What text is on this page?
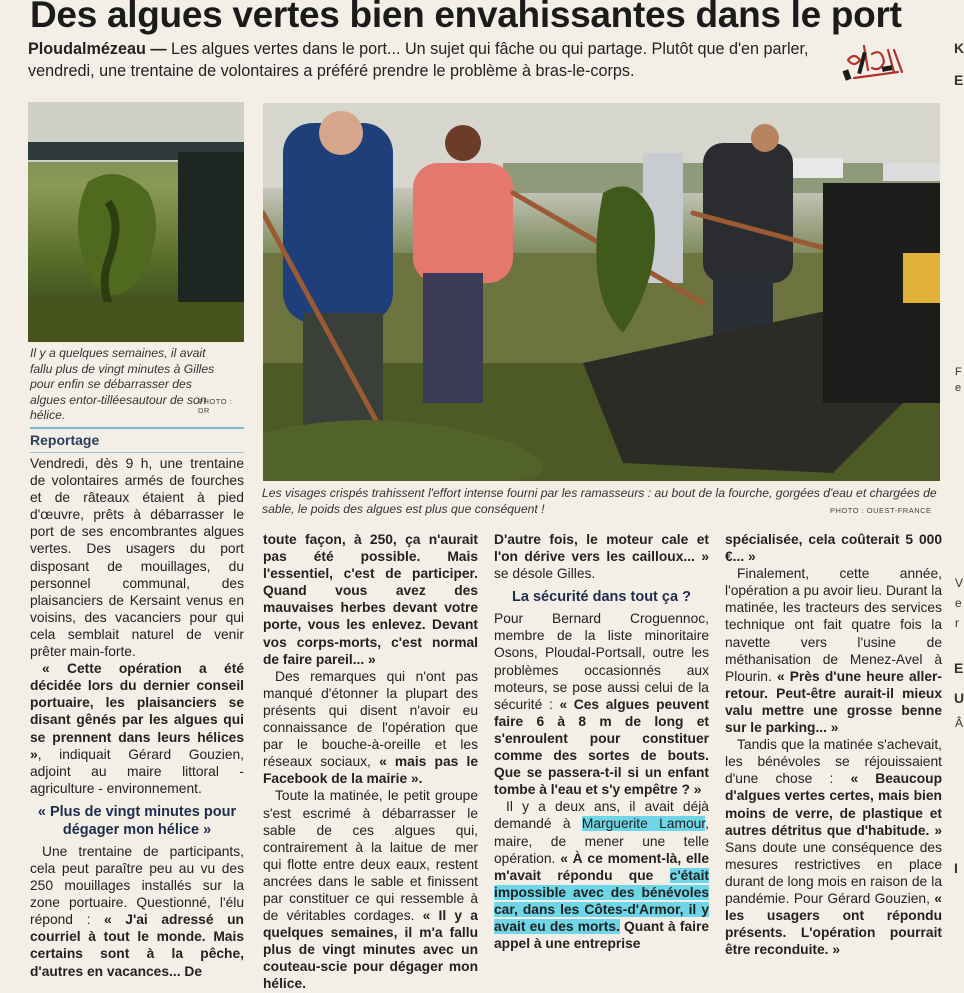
Des algues vertes bien envahissantes dans le port
Ploudalmézeau — Les algues vertes dans le port... Un sujet qui fâche ou qui partage. Plutôt que d'en parler, vendredi, une trentaine de volontaires a préféré prendre le problème à bras-le-corps.
Il y a quelques semaines, il avait fallu plus de vingt minutes à Gilles pour enfin se débarrasser des algues entor-tilléesautour de son hélice.
PHOTO : DR
Les visages crispés trahissent l'effort intense fourni par les ramasseurs : au bout de la fourche, gorgées d'eau et chargées de sable, le poids des algues est plus que conséquent !	PHOTO : OUEST-FRANCE
Reportage

Vendredi, dès 9 h, une trentaine de volontaires armés de fourches et de râteaux étaient à pied d'œuvre, prêts à débarrasser le port de ses encombrantes algues vertes. Des usagers du port disposant de mouillages, du personnel communal, des plaisanciers de Kersaint venus en voisins, des vacanciers pour qui cela semblait naturel de venir prêter main-forte.

« Cette opération a été décidée lors du dernier conseil portuaire, les plaisanciers se disant gênés par les algues qui se prennent dans leurs hélices », indiquait Gérard Gouzien, adjoint au maire littoral - agriculture - environnement.

« Plus de vingt minutes pour dégager mon hélice »

Une trentaine de participants, cela peut paraître peu au vu des 250 mouillages installés sur la zone portuaire. Questionné, l'élu répond : « J'ai adressé un courriel à tout le monde. Mais certains sont à la pêche, d'autres en vacances... De

toute façon, à 250, ça n'aurait pas été possible. Mais l'essentiel, c'est de participer. Quand vous avez des mauvaises herbes devant votre porte, vous les enlevez. Devant vos corps-morts, c'est normal de faire pareil... »

Des remarques qui n'ont pas manqué d'étonner la plupart des présents qui disent n'avoir eu connaissance de l'opération que par le bouche-à-oreille et les réseaux sociaux, « mais pas le Facebook de la mairie ».

Toute la matinée, le petit groupe s'est escrimé à débarrasser le sable de ces algues qui, contrairement à la laitue de mer qui flotte entre deux eaux, restent ancrées dans le sable et finissent par constituer ce qui ressemble à de véritables cordages. « Il y a quelques semaines, il m'a fallu plus de vingt minutes avec un couteau-scie pour dégager mon hélice.

D'autre fois, le moteur cale et l'on dérive vers les cailloux... » se désole Gilles.

La sécurité dans tout ça ?

Pour Bernard Croguennoc, membre de la liste minoritaire Osons, Ploudal-Portsall, outre les problèmes occasionnés aux moteurs, se pose aussi celui de la sécurité : « Ces algues peuvent faire 6 à 8 m de long et s'enroulent pour constituer comme des sortes de bouts. Que se passera-t-il si un enfant tombe à l'eau et s'y empêtre ? »

Il y a deux ans, il avait déjà demandé à Marguerite Lamour, maire, de mener une telle opération. « À ce moment-là, elle m'avait répondu que c'était impossible avec des bénévoles car, dans les Côtes-d'Armor, il y avait eu des morts. Quant à faire appel à une entreprise

spécialisée, cela coûterait 5 000 €... »

Finalement, cette année, l'opération a pu avoir lieu. Durant la matinée, les tracteurs des services technique ont fait quatre fois la navette vers l'usine de méthanisation de Menez-Avel à Plourin. « Près d'une heure aller-retour. Peut-être aurait-il mieux valu mettre une grosse benne sur le parking... »

Tandis que la matinée s'achevait, les bénévoles se réjouissaient d'une chose : « Beaucoup d'algues vertes certes, mais bien moins de verre, de plastique et autres détritus que d'habitude. » Sans doute une conséquence des mesures restrictives en place durant de long mois en raison de la pandémie. Pour Gérard Gouzien, « les usagers ont répondu présents. L'opération pourrait être reconduite. »

K
E
F
e
V
e
r
E
U
Â
I
